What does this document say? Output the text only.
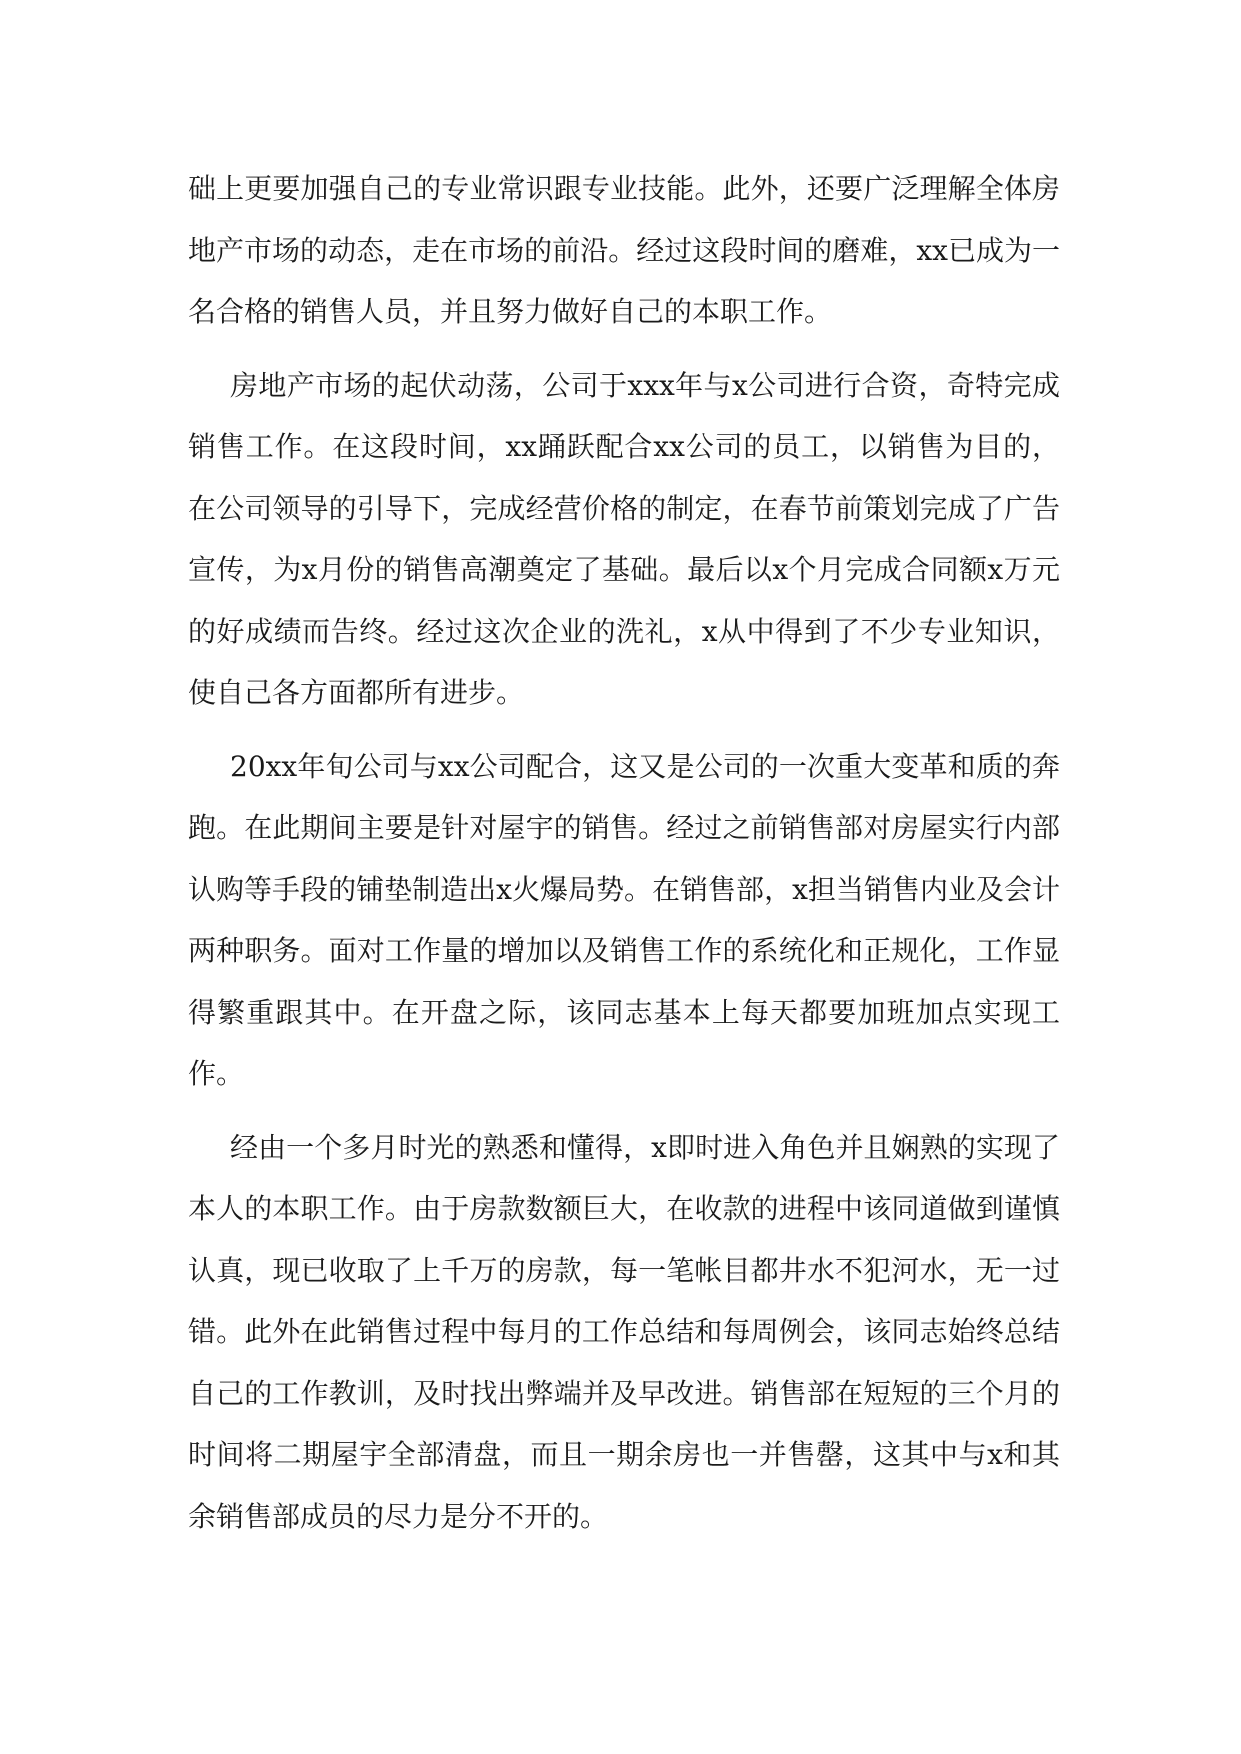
础上更要加强自己的专业常识跟专业技能。此外，还要广泛理解全体房地产市场的动态，走在市场的前沿。经过这段时间的磨难，xx已成为一名合格的销售人员，并且努力做好自己的本职工作。

房地产市场的起伏动荡，公司于xxx年与x公司进行合资，奇特完成销售工作。在这段时间，xx踊跃配合xx公司的员工，以销售为目的，在公司领导的引导下，完成经营价格的制定，在春节前策划完成了广告宣传，为x月份的销售高潮奠定了基础。最后以x个月完成合同额x万元的好成绩而告终。经过这次企业的洗礼，x从中得到了不少专业知识，使自己各方面都所有进步。

20xx年旬公司与xx公司配合，这又是公司的一次重大变革和质的奔跑。在此期间主要是针对屋宇的销售。经过之前销售部对房屋实行内部认购等手段的铺垫制造出x火爆局势。在销售部，x担当销售内业及会计两种职务。面对工作量的增加以及销售工作的系统化和正规化，工作显得繁重跟其中。在开盘之际，该同志基本上每天都要加班加点实现工作。

经由一个多月时光的熟悉和懂得，x即时进入角色并且娴熟的实现了本人的本职工作。由于房款数额巨大，在收款的进程中该同道做到谨慎认真，现已收取了上千万的房款，每一笔帐目都井水不犯河水，无一过错。此外在此销售过程中每月的工作总结和每周例会，该同志始终总结自己的工作教训，及时找出弊端并及早改进。销售部在短短的三个月的时间将二期屋宇全部清盘，而且一期余房也一并售罄，这其中与x和其余销售部成员的尽力是分不开的。
